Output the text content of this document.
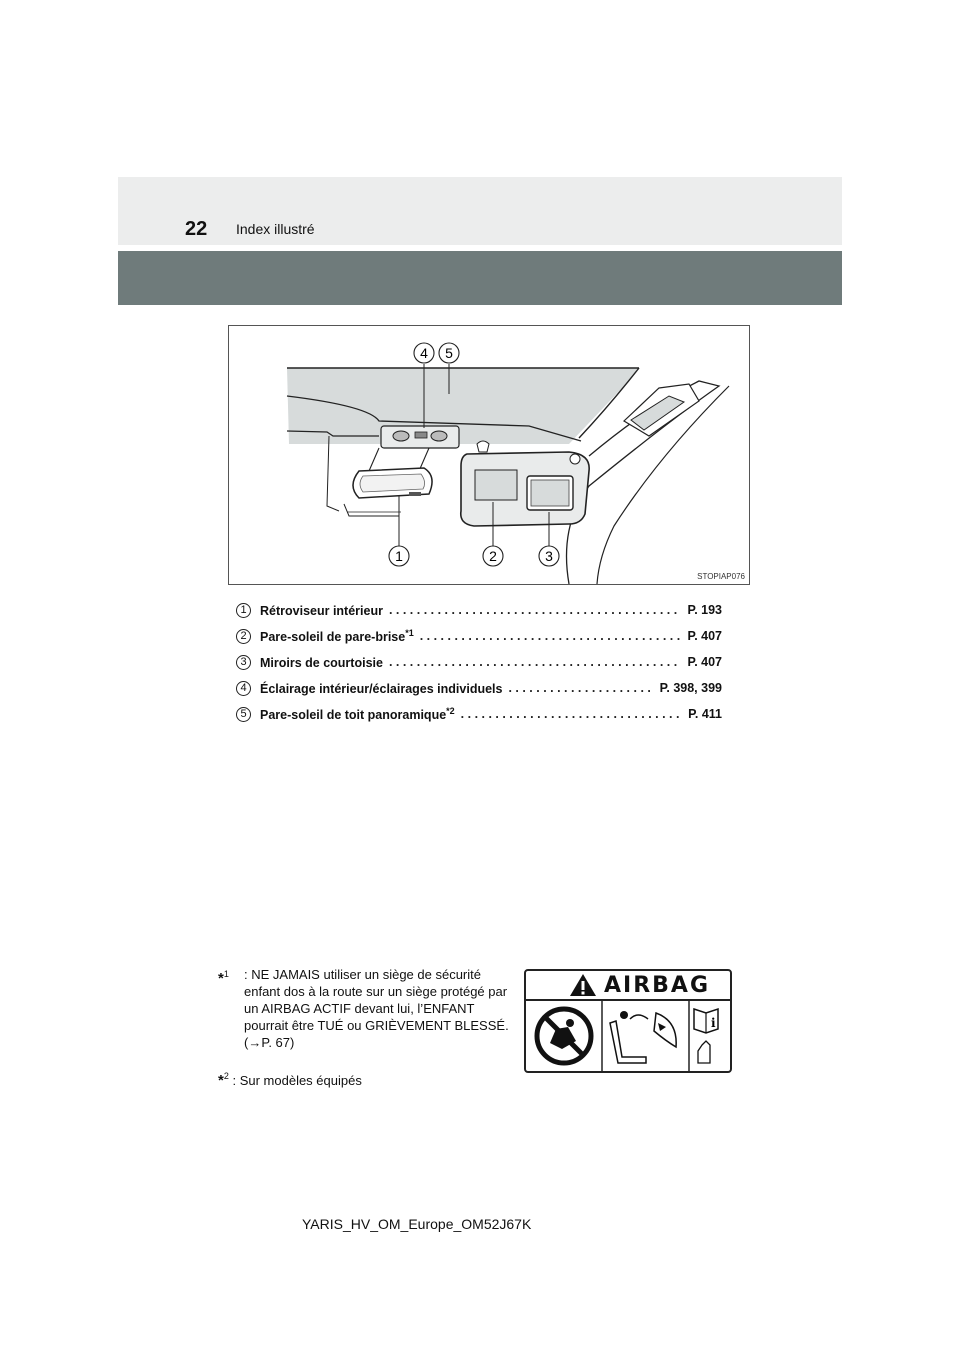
22 Index illustré
4 5
1	2	3
STOPIAP076
1	Rétroviseur intérieur . . .	P. 193
2	Pare-soleil de pare-brise$^{*1}$ . . .	P. 407
3	Miroirs de courtoisie . . .	P. 407
4	Éclairage intérieur/éclairages individuels . . .	P. 398, 399
5	Pare-soleil de toit panoramique$^{*2}$ . . .	P. 411
*$^1$ : NE JAMAIS utiliser un siège de sécurité enfant dos à la route sur un siège protégé par un AIRBAG ACTIF devant lui, l’ENFANT pourrait être TUÉ ou GRIÈVEMENT BLESSÉ. (→P. 67)
*$^2$ : Sur modèles équipés
AIRBAG
i
YARIS_HV_OM_Europe_OM52J67K
